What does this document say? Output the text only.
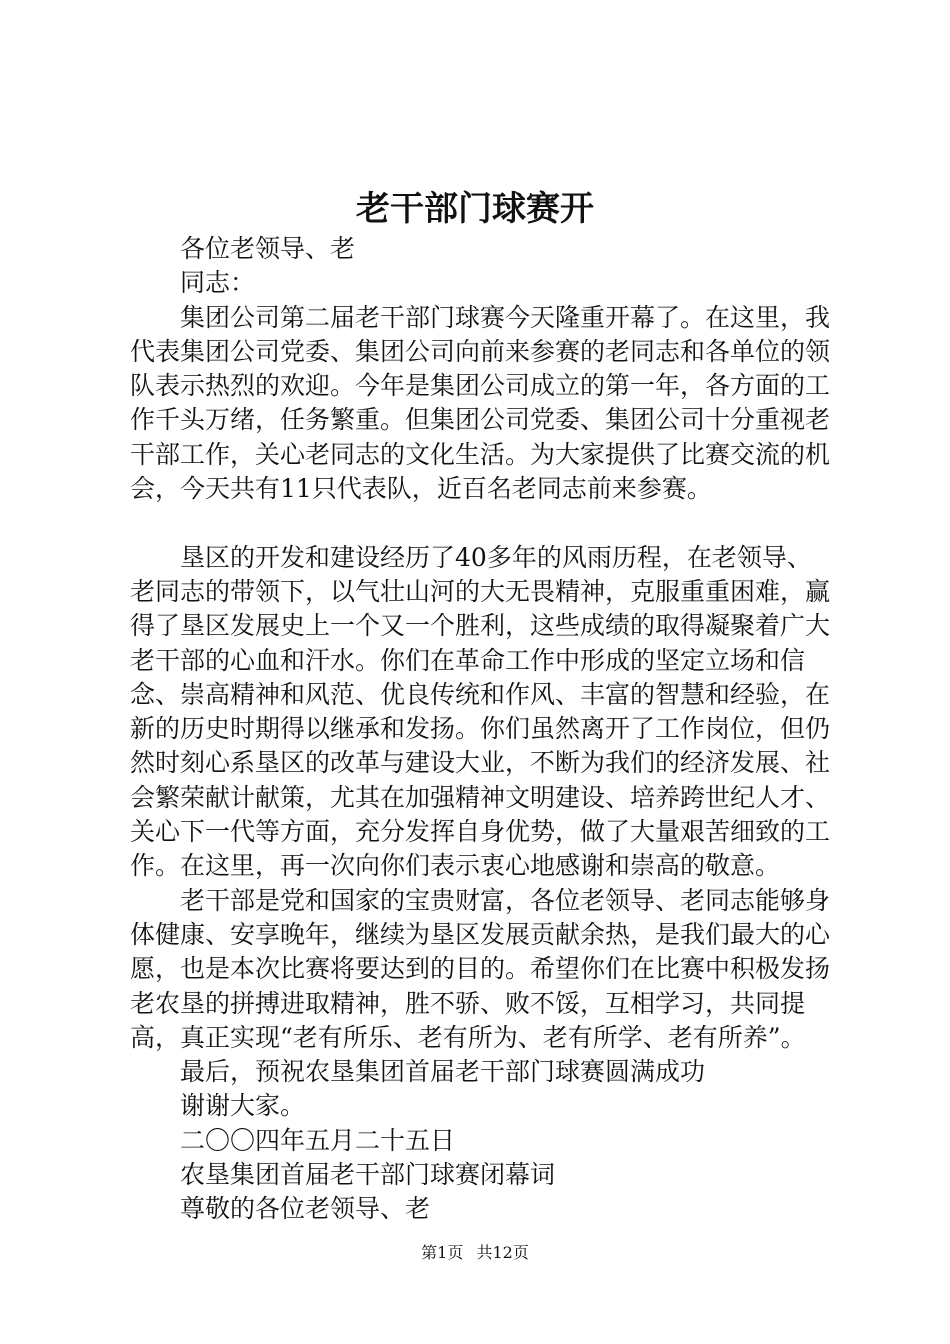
老干部门球赛开

各位老领导、老

同志：

集团公司第二届老干部门球赛今天隆重开幕了。在这里，我代表集团公司党委、集团公司向前来参赛的老同志和各单位的领队表示热烈的欢迎。今年是集团公司成立的第一年，各方面的工作千头万绪，任务繁重。但集团公司党委、集团公司十分重视老干部工作，关心老同志的文化生活。为大家提供了比赛交流的机会，今天共有11只代表队，近百名老同志前来参赛。

垦区的开发和建设经历了40多年的风雨历程，在老领导、老同志的带领下，以气壮山河的大无畏精神，克服重重困难，赢得了垦区发展史上一个又一个胜利，这些成绩的取得凝聚着广大老干部的心血和汗水。你们在革命工作中形成的坚定立场和信念、崇高精神和风范、优良传统和作风、丰富的智慧和经验，在新的历史时期得以继承和发扬。你们虽然离开了工作岗位，但仍然时刻心系垦区的改革与建设大业，不断为我们的经济发展、社会繁荣献计献策，尤其在加强精神文明建设、培养跨世纪人才、关心下一代等方面，充分发挥自身优势，做了大量艰苦细致的工作。在这里，再一次向你们表示衷心地感谢和崇高的敬意。

老干部是党和国家的宝贵财富，各位老领导、老同志能够身体健康、安享晚年，继续为垦区发展贡献余热，是我们最大的心愿，也是本次比赛将要达到的目的。希望你们在比赛中积极发扬老农垦的拼搏进取精神，胜不骄、败不馁，互相学习，共同提高，真正实现“老有所乐、老有所为、老有所学、老有所养”。

最后，预祝农垦集团首届老干部门球赛圆满成功

谢谢大家。

二〇〇四年五月二十五日

农垦集团首届老干部门球赛闭幕词

尊敬的各位老领导、老

第1页 共12页
